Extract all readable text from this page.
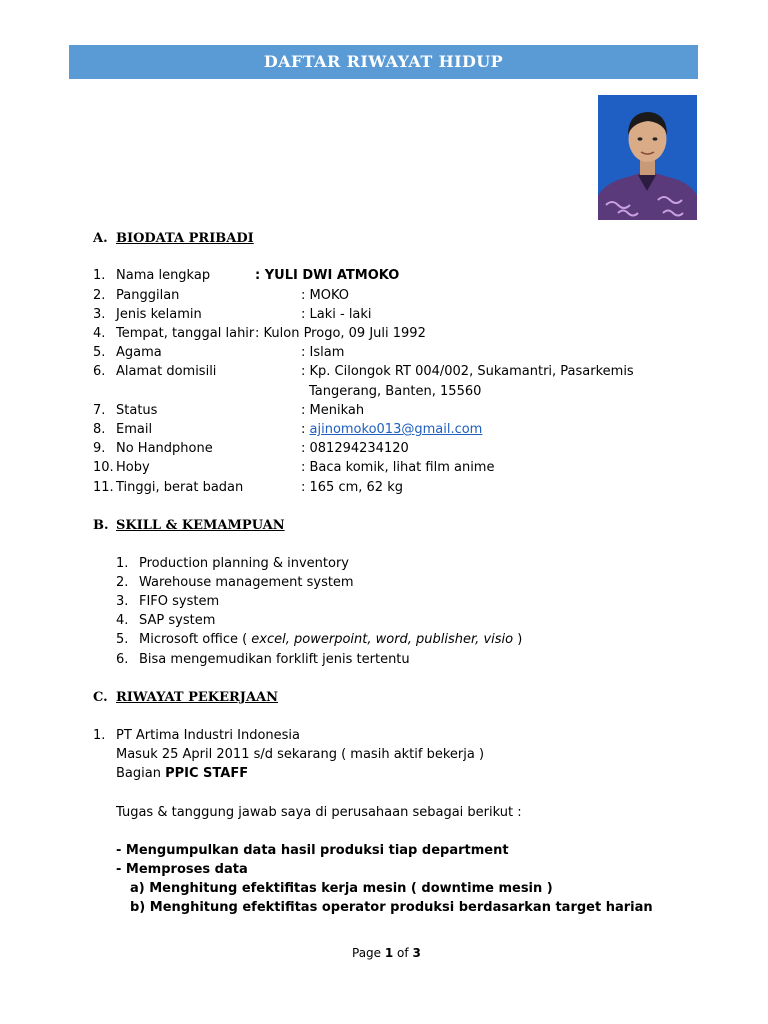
DAFTAR RIWAYAT HIDUP
A. BIODATA PRIBADI
1. Nama lengkap	: YULI DWI ATMOKO
2. Panggilan	: MOKO
3. Jenis kelamin	: Laki - laki
4. Tempat, tanggal lahir : Kulon Progo, 09 Juli 1992
5. Agama	: Islam
6. Alamat domisili	: Kp. Cilongok RT 004/002, Sukamantri, Pasarkemis
Tangerang, Banten, 15560
7. Status	: Menikah
8. Email	: ajinomoko013@gmail.com
9. No Handphone	: 081294234120
10. Hoby	: Baca komik, lihat film anime
11. Tinggi, berat badan	: 165 cm, 62 kg
B. SKILL & KEMAMPUAN
1. Production planning & inventory
2. Warehouse management system
3. FIFO system
4. SAP system
5. Microsoft office ( excel, powerpoint, word, publisher, visio )
6. Bisa mengemudikan forklift jenis tertentu
C. RIWAYAT PEKERJAAN
1. PT Artima Industri Indonesia
Masuk 25 April 2011 s/d sekarang ( masih aktif bekerja )
Bagian PPIC STAFF
Tugas & tanggung jawab saya di perusahaan sebagai berikut :
- Mengumpulkan data hasil produksi tiap department
- Memproses data
a) Menghitung efektifitas kerja mesin ( downtime mesin )
b) Menghitung efektifitas operator produksi berdasarkan target harian
Page 1 of 3
